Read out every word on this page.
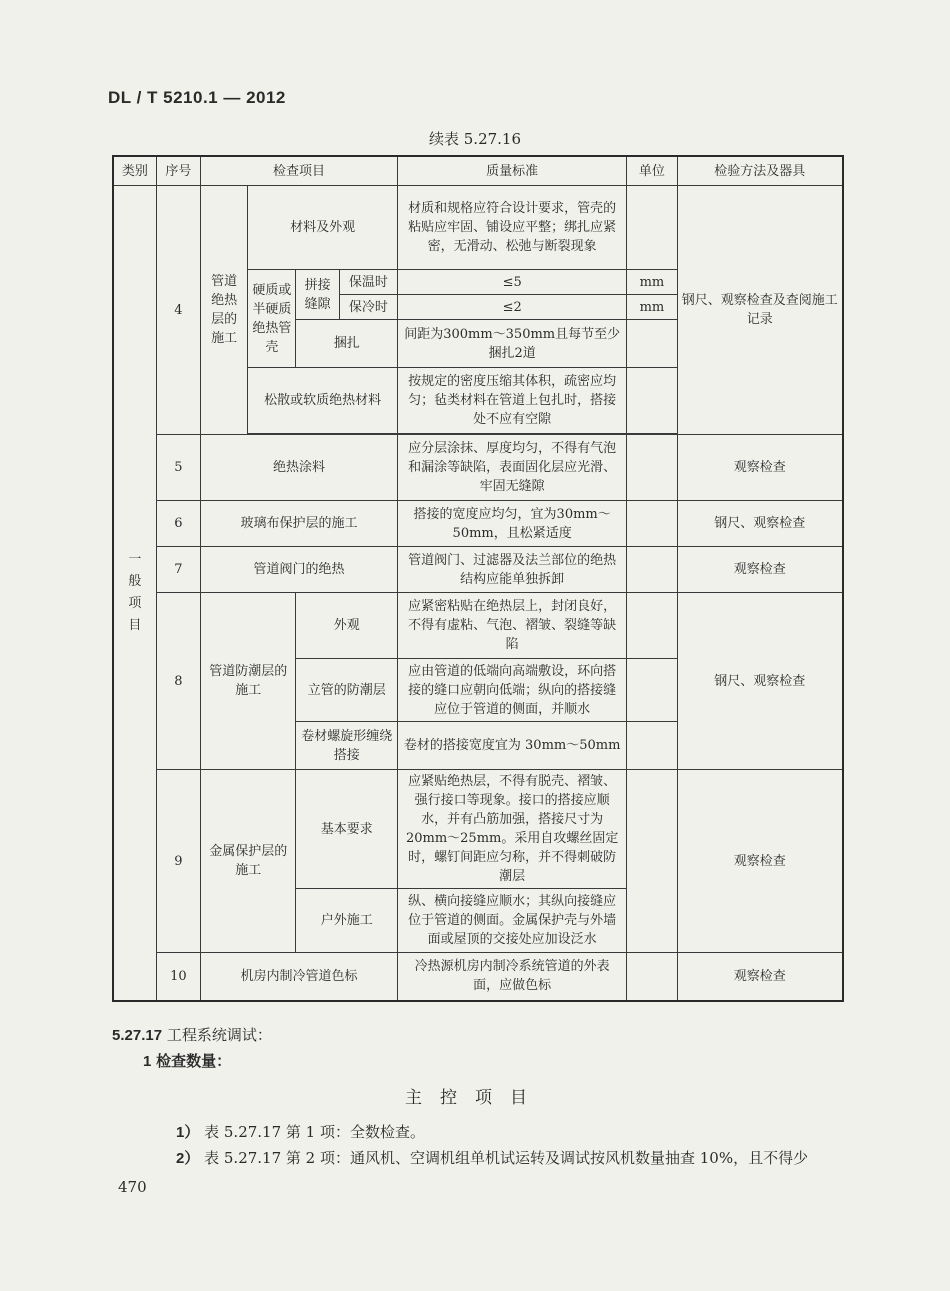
DL / T 5210.1 — 2012
续表 5.27.16
类别	序号	检查项目				质量标准	单位	检验方法及器具

一
般
项
目	4	管道绝热层的施工	材料及外观			材质和规格应符合设计要求，管壳的粘贴应牢固、铺设应平整；绑扎应紧密，无滑动、松弛与断裂现象		钢尺、观察检查及查阅施工记录
			硬质或半硬质绝热管壳	拼接缝隙	保温时	≤5	mm	
					保冷时	≤2	mm	
				捆扎		间距为300mm～350mm且每节至少捆扎2道		
			松散或软质绝热材料			按规定的密度压缩其体积，疏密应均匀；毡类材料在管道上包扎时，搭接处不应有空隙		

	5	绝热涂料				应分层涂抹、厚度均匀，不得有气泡和漏涂等缺陷，表面固化层应光滑、牢固无缝隙		观察检查
	6	玻璃布保护层的施工				搭接的宽度应均匀，宜为30mm～50mm，且松紧适度		钢尺、观察检查
	7	管道阀门的绝热				管道阀门、过滤器及法兰部位的绝热结构应能单独拆卸		观察检查
	8	管道防潮层的施工		外观		应紧密粘贴在绝热层上，封闭良好，不得有虚粘、气泡、褶皱、裂缝等缺陷		钢尺、观察检查
				立管的防潮层		应由管道的低端向高端敷设，环向搭接的缝口应朝向低端；纵向的搭接缝应位于管道的侧面，并顺水		
				卷材螺旋形缠绕搭接		卷材的搭接宽度宜为 30mm～50mm		
	9	金属保护层的施工		基本要求		应紧贴绝热层，不得有脱壳、褶皱、强行接口等现象。接口的搭接应顺水，并有凸筋加强，搭接尺寸为20mm～25mm。采用自攻螺丝固定时，螺钉间距应匀称，并不得刺破防潮层		观察检查
				户外施工		纵、横向接缝应顺水；其纵向接缝应位于管道的侧面。金属保护壳与外墙面或屋顶的交接处应加设泛水		
	10	机房内制冷管道色标				冷热源机房内制冷系统管道的外表面，应做色标		观察检查
5.27.17 工程系统调试：
1 检查数量：
主控项目
1） 表 5.27.17 第 1 项：全数检查。
2） 表 5.27.17 第 2 项：通风机、空调机组单机试运转及调试按风机数量抽查 10%，且不得少
470
